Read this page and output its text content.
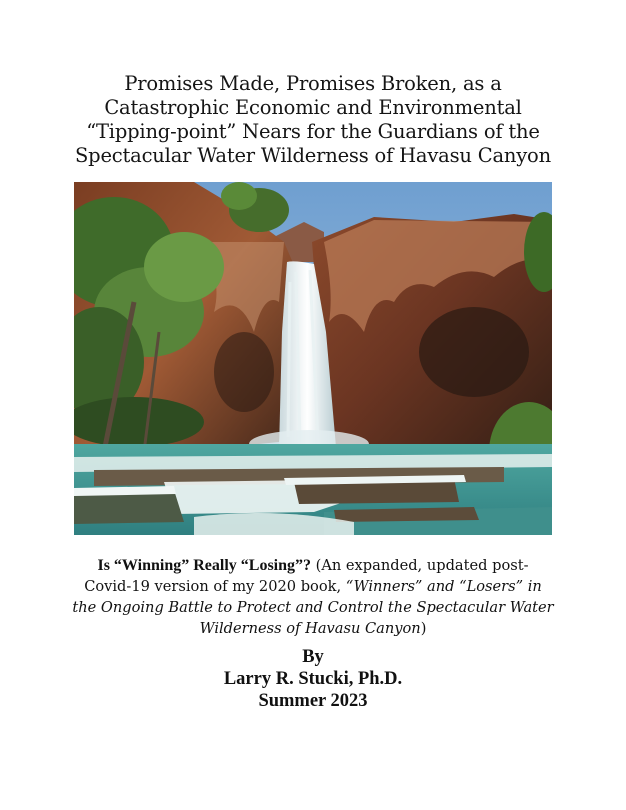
Promises Made, Promises Broken, as a
Catastrophic Economic and Environmental
“Tipping-point” Nears for the Guardians of the
Spectacular Water Wilderness of Havasu Canyon
Is “Winning” Really “Losing”? (An expanded, updated post-
Covid-19 version of my 2020 book, “Winners” and “Losers” in
the Ongoing Battle to Protect and Control the Spectacular Water
Wilderness of Havasu Canyon)
By
Larry R. Stucki, Ph.D.
Summer 2023
